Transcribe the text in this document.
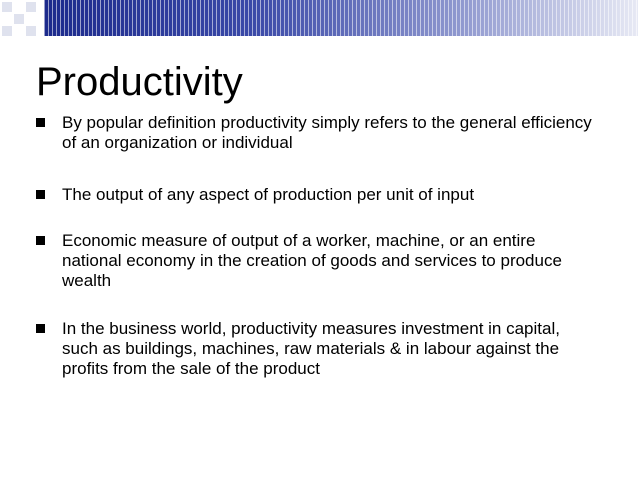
Productivity
By popular definition productivity simply refers to the general efficiency of an organization or individual
The output of any aspect of production per unit of input
Economic measure of output of a worker, machine, or an entire national economy in the creation of goods and services to produce wealth
In the business world, productivity measures investment in capital, such as buildings, machines, raw materials & in labour against the profits from the sale of the product
